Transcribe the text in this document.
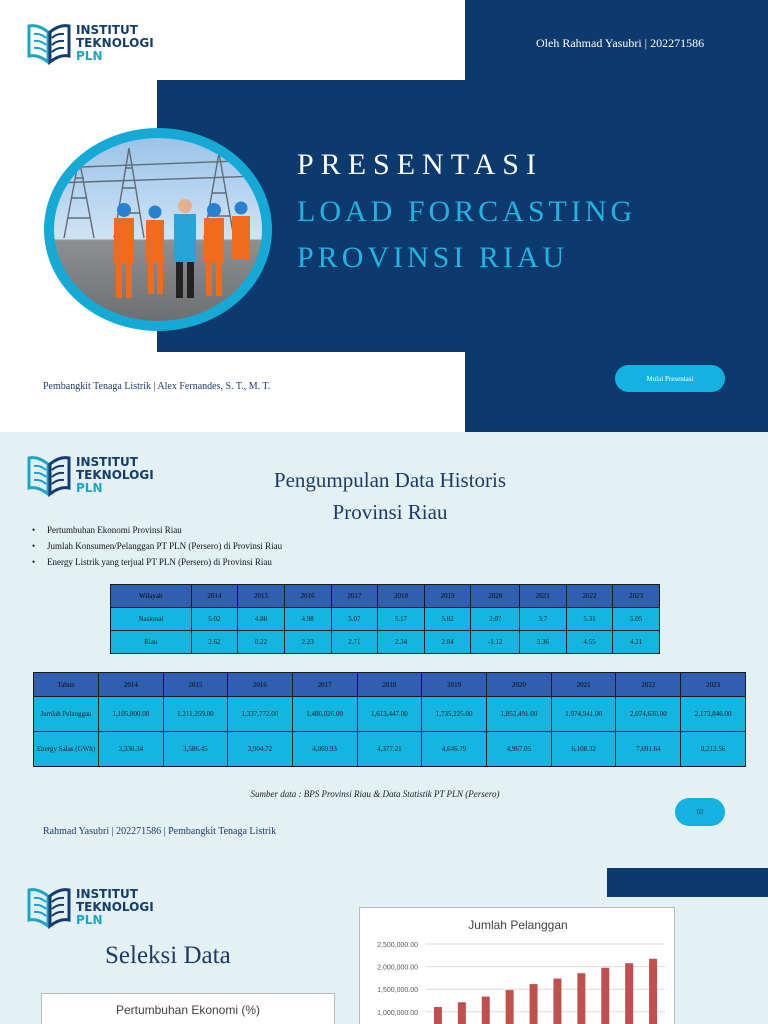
INSTITUT
TEKNOLOGI
PLN
Oleh Rahmad Yasubri | 202271586
PRESENTASI
LOAD FORCASTING
PROVINSI RIAU
Pembangkit Tenaga Listrik | Alex Fernandes, S. T., M. T.
Mulai Presentasi
INSTITUT
TEKNOLOGI
PLN	Pengumpulan Data Historis
Provinsi Riau
• Pertumbuhan Ekonomi Provinsi Riau
• Jumlah Konsumen/Pelanggan PT PLN (Persero) di Provinsi Riau
• Energy Listrik yang terjual PT PLN (Persero) di Provinsi Riau
Wilayah	2014	2015	2016	2017	2018	2019	2020	2021	2022	2023
Nasional	5.02	4.88	4.98	5.07	5.17	5.02	2.07	3.7	5.31	5.05
Riau	2.62	0.22	2.23	2.71	2.34	2.84	-1.12	3.36	4.55	4.21
Tahun	2014	2015	2016	2017	2018	2019	2020	2021	2022	2023
Jumlah Pelanggan	1,105,800.00	1,211,259.00	1,337,772.00	1,480,026.00	1,613,447.00	1,735,225.00	1,853,491.00	1,974,941.00	2,074,630.00	2,173,846.00
Energy Salas (GWh)	3,338.34	3,586.45	3,904.72	4,069.93	4,377.21	4,646.79	4,967.05	6,108.32	7,691.64	8,212.56
Sumber data : BPS Provinsi Riau & Data Statistik PT PLN (Persero)
Rahmad Yasubri | 202271586 | Pembangkit Tenaga Listrik
02
INSTITUT
TEKNOLOGI
PLN
Seleksi Data
Pertumbuhan Ekonomi (%)
Jumlah Pelanggan
2,500,000.00
2,000,000.00
1,500,000.00
1,000,000.00
